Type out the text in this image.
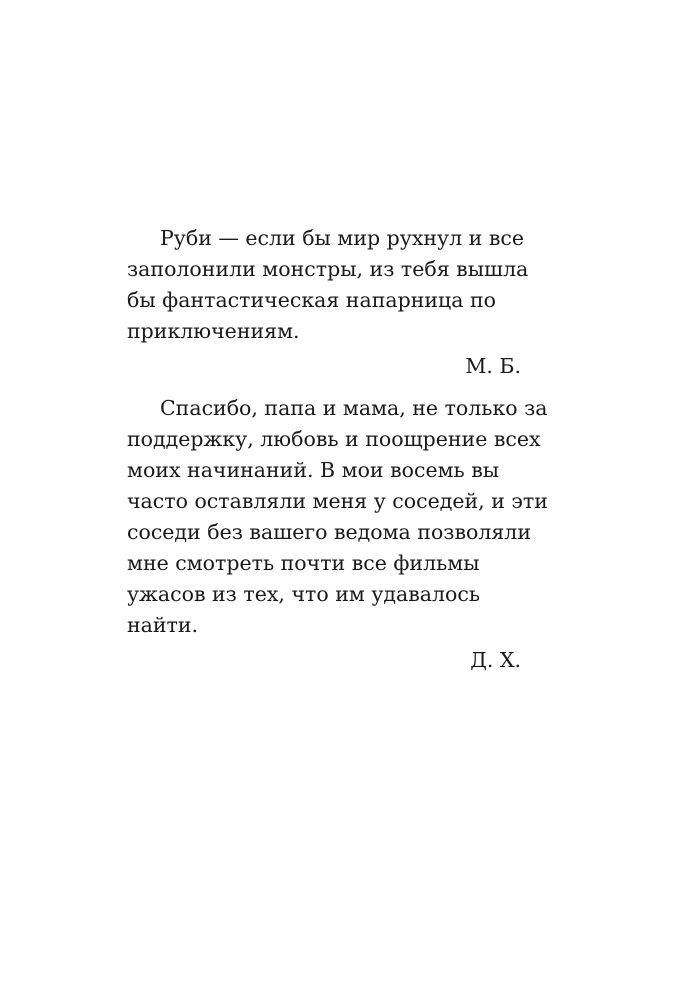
Руби — если бы мир рухнул и все
заполонили монстры, из тебя вышла
бы фантастическая напарница по
приключениям.
М. Б.
Спасибо, папа и мама, не только за
поддержку, любовь и поощрение всех
моих начинаний. В мои восемь вы
часто оставляли меня у соседей, и эти
соседи без вашего ведома позволяли
мне смотреть почти все фильмы
ужасов из тех, что им удавалось
найти.
Д. Х.
